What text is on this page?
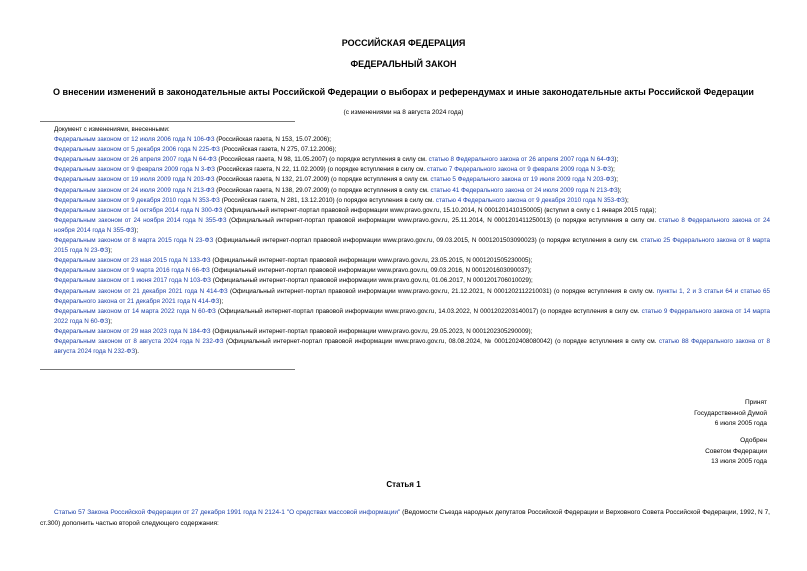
РОССИЙСКАЯ ФЕДЕРАЦИЯ
ФЕДЕРАЛЬНЫЙ ЗАКОН
О внесении изменений в законодательные акты Российской Федерации о выборах и референдумах и иные законодательные акты Российской Федерации
(с изменениями на 8 августа 2024 года)
Документ с изменениями, внесенными:
Федеральным законом от 12 июля 2006 года N 106-ФЗ (Российская газета, N 153, 15.07.2006);
Федеральным законом от 5 декабря 2006 года N 225-ФЗ (Российская газета, N 275, 07.12.2006);
Федеральным законом от 26 апреля 2007 года N 64-ФЗ (Российская газета, N 98, 11.05.2007) (о порядке вступления в силу см. статью 8 Федерального закона от 26 апреля 2007 года N 64-ФЗ);
Федеральным законом от 9 февраля 2009 года N 3-ФЗ (Российская газета, N 22, 11.02.2009) (о порядке вступления в силу см. статью 7 Федерального закона от 9 февраля 2009 года N 3-ФЗ);
Федеральным законом от 19 июля 2009 года N 203-ФЗ (Российская газета, N 132, 21.07.2009) (о порядке вступления в силу см. статью 5 Федерального закона от 19 июля 2009 года N 203-ФЗ);
Федеральным законом от 24 июля 2009 года N 213-ФЗ (Российская газета, N 138, 29.07.2009) (о порядке вступления в силу см. статью 41 Федерального закона от 24 июля 2009 года N 213-ФЗ);
Федеральным законом от 9 декабря 2010 года N 353-ФЗ (Российская газета, N 281, 13.12.2010) (о порядке вступления в силу см. статью 4 Федерального закона от 9 декабря 2010 года N 353-ФЗ);
Федеральным законом от 14 октября 2014 года N 300-ФЗ (Официальный интернет-портал правовой информации www.pravo.gov.ru, 15.10.2014, N 0001201410150005) (вступил в силу с 1 января 2015 года);
Федеральным законом от 24 ноября 2014 года N 355-ФЗ (Официальный интернет-портал правовой информации www.pravo.gov.ru, 25.11.2014, N 0001201411250013) (о порядке вступления в силу см. статью 8 Федерального закона от 24 ноября 2014 года N 355-ФЗ);
Федеральным законом от 8 марта 2015 года N 23-ФЗ (Официальный интернет-портал правовой информации www.pravo.gov.ru, 09.03.2015, N 0001201503090023) (о порядке вступления в силу см. статью 25 Федерального закона от 8 марта 2015 года N 23-ФЗ);
Федеральным законом от 23 мая 2015 года N 133-ФЗ (Официальный интернет-портал правовой информации www.pravo.gov.ru, 23.05.2015, N 0001201505230005);
Федеральным законом от 9 марта 2016 года N 66-ФЗ (Официальный интернет-портал правовой информации www.pravo.gov.ru, 09.03.2016, N 0001201603090037);
Федеральным законом от 1 июня 2017 года N 103-ФЗ (Официальный интернет-портал правовой информации www.pravo.gov.ru, 01.06.2017, N 0001201706010029);
Федеральным законом от 21 декабря 2021 года N 414-ФЗ (Официальный интернет-портал правовой информации www.pravo.gov.ru, 21.12.2021, N 0001202112210031) (о порядке вступления в силу см. пункты 1, 2 и 3 статьи 64 и статью 65 Федерального закона от 21 декабря 2021 года N 414-ФЗ);
Федеральным законом от 14 марта 2022 года N 60-ФЗ (Официальный интернет-портал правовой информации www.pravo.gov.ru, 14.03.2022, N 0001202203140017) (о порядке вступления в силу см. статью 9 Федерального закона от 14 марта 2022 года N 60-ФЗ);
Федеральным законом от 29 мая 2023 года N 184-ФЗ (Официальный интернет-портал правовой информации www.pravo.gov.ru, 29.05.2023, N 0001202305290009);
Федеральным законом от 8 августа 2024 года N 232-ФЗ (Официальный интернет-портал правовой информации www.pravo.gov.ru, 08.08.2024, № 0001202408080042) (о порядке вступления в силу см. статью 88 Федерального закона от 8 августа 2024 года N 232-ФЗ).
Принят
Государственной Думой
6 июля 2005 года
Одобрен
Советом Федерации
13 июля 2005 года
Статья 1
Статью 57 Закона Российской Федерации от 27 декабря 1991 года N 2124-1 "О средствах массовой информации" (Ведомости Съезда народных депутатов Российской Федерации и Верховного Совета Российской Федерации, 1992, N 7, ст.300) дополнить частью второй следующего содержания:
